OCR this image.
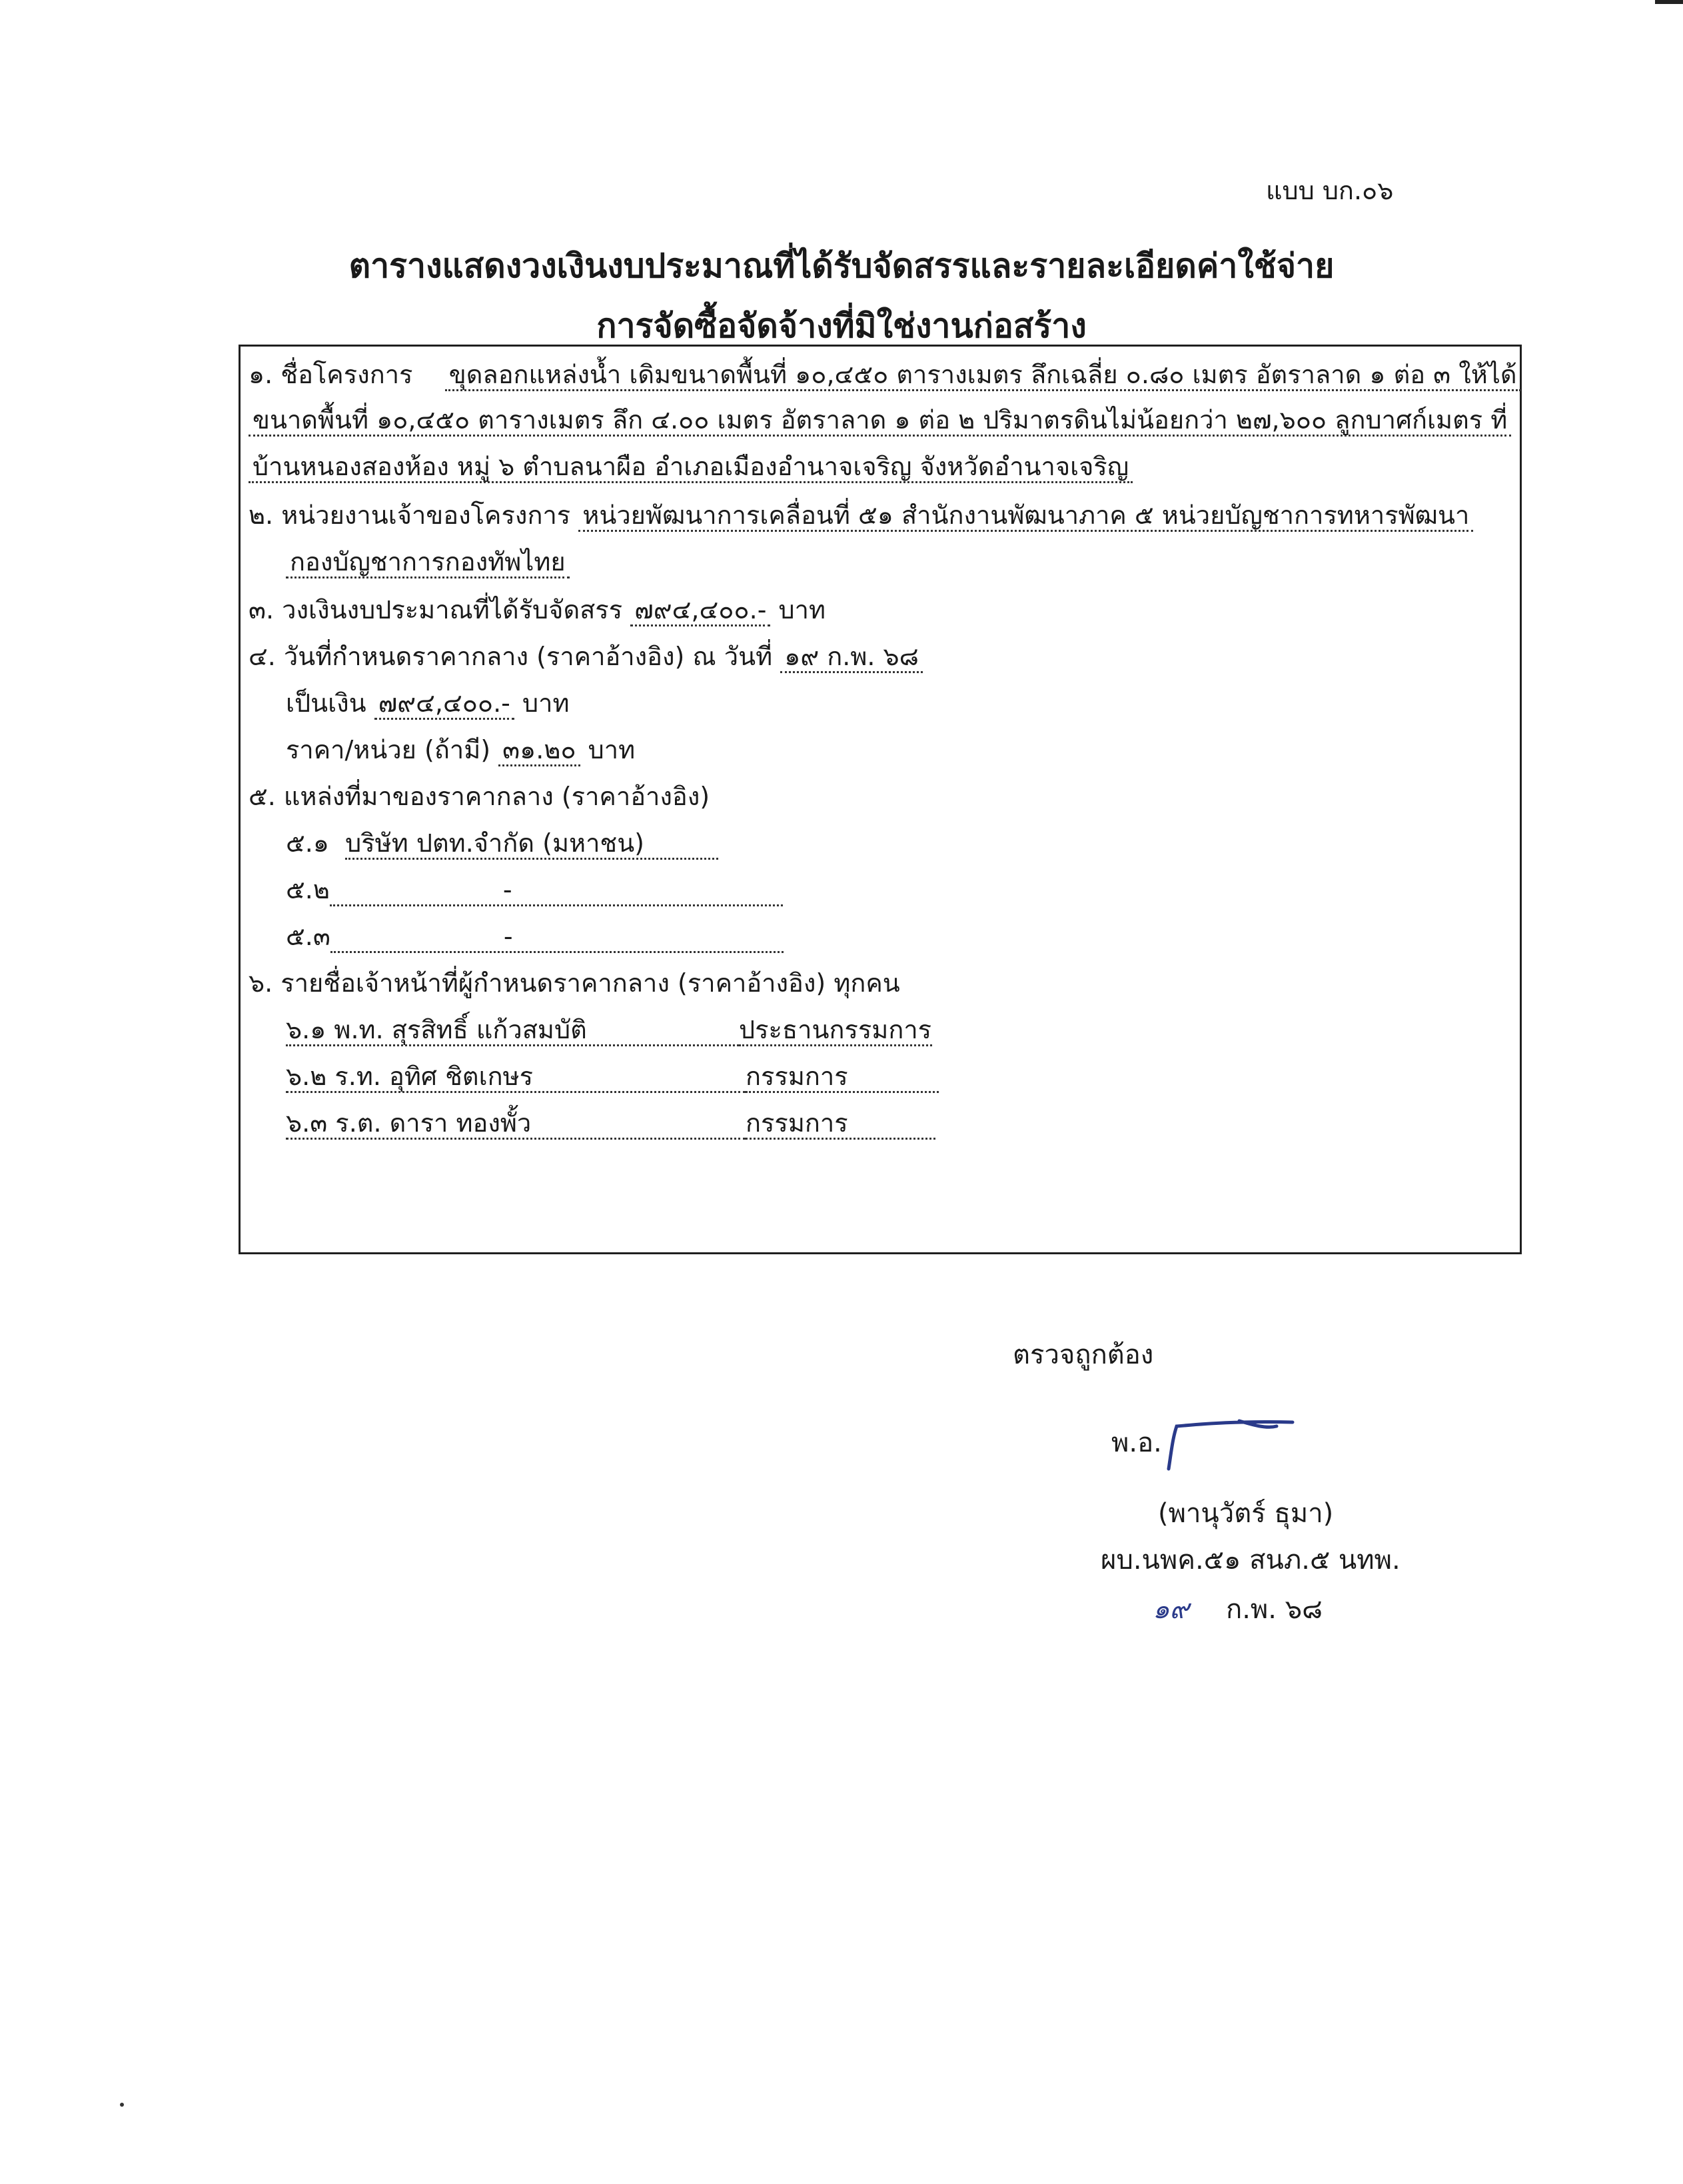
แบบ บก.๐๖
ตารางแสดงวงเงินงบประมาณที่ได้รับจัดสรรและรายละเอียดค่าใช้จ่าย
การจัดซื้อจัดจ้างที่มิใช่งานก่อสร้าง
๑. ชื่อโครงการ ขุดลอกแหล่งน้ำ เดิมขนาดพื้นที่ ๑๐,๔๕๐ ตารางเมตร ลึกเฉลี่ย ๐.๘๐ เมตร อัตราลาด ๑ ต่อ ๓ ให้ได้
ขนาดพื้นที่ ๑๐,๔๕๐ ตารางเมตร ลึก ๔.๐๐ เมตร อัตราลาด ๑ ต่อ ๒ ปริมาตรดินไม่น้อยกว่า ๒๗,๖๐๐ ลูกบาศก์เมตร ที่
บ้านหนองสองห้อง หมู่ ๖ ตำบลนาผือ อำเภอเมืองอำนาจเจริญ จังหวัดอำนาจเจริญ
๒. หน่วยงานเจ้าของโครงการ หน่วยพัฒนาการเคลื่อนที่ ๕๑ สำนักงานพัฒนาภาค ๕ หน่วยบัญชาการทหารพัฒนา
กองบัญชาการกองทัพไทย
๓. วงเงินงบประมาณที่ได้รับจัดสรร ๗๙๔,๔๐๐.- บาท
๔. วันที่กำหนดราคากลาง (ราคาอ้างอิง) ณ วันที่ ๑๙ ก.พ. ๖๘
เป็นเงิน ๗๙๔,๔๐๐.- บาท
ราคา/หน่วย (ถ้ามี) ๓๑.๒๐ บาท
๕. แหล่งที่มาของราคากลาง (ราคาอ้างอิง)
๕.๑ บริษัท ปตท.จำกัด (มหาชน)
๕.๒	-
๕.๓	-
๖. รายชื่อเจ้าหน้าที่ผู้กำหนดราคากลาง (ราคาอ้างอิง) ทุกคน
๖.๑ พ.ท. สุรสิทธิ์ แก้วสมบัติ	ประธานกรรมการ
๖.๒ ร.ท. อุทิศ ชิตเกษร	กรรมการ
๖.๓ ร.ต. ดารา ทองพั้ว	กรรมการ
ตรวจถูกต้อง
พ.อ.
(พานุวัตร์ ธุมา)
ผบ.นพค.๕๑ สนภ.๕ นทพ.
๑๙ ก.พ. ๖๘
